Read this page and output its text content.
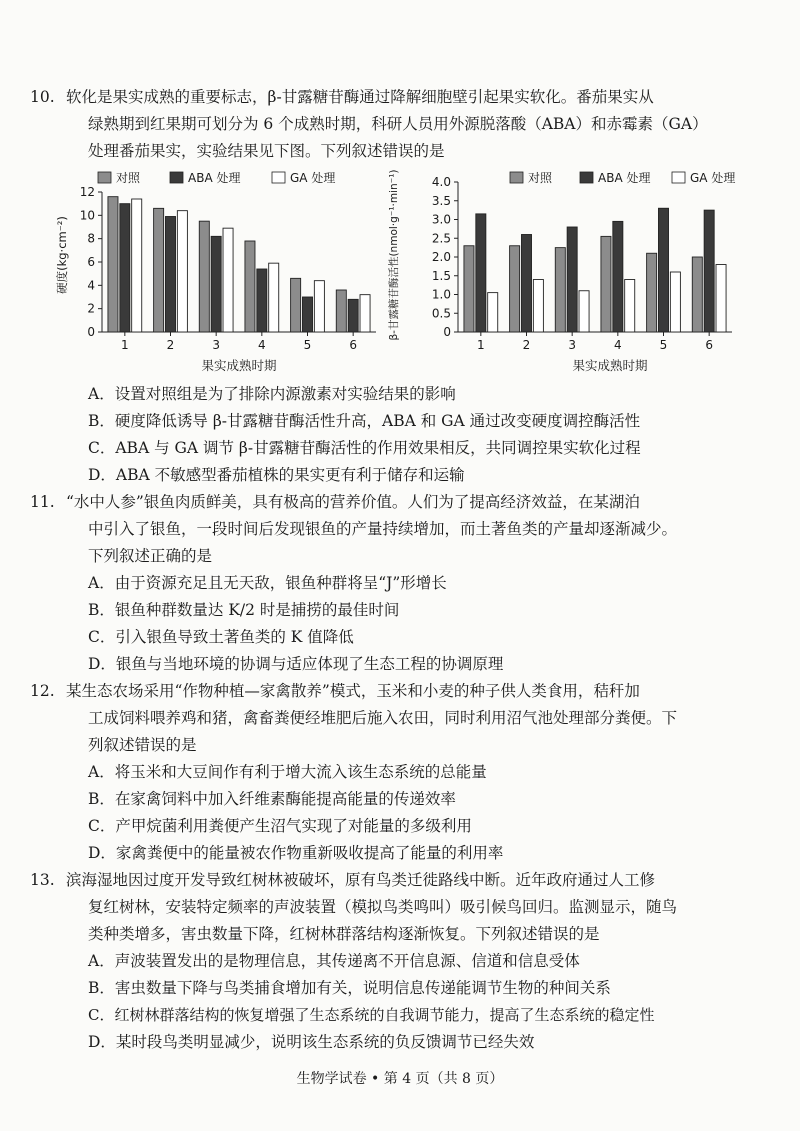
10. 软化是果实成熟的重要标志，β-甘露糖苷酶通过降解细胞壁引起果实软化。番茄果实从
绿熟期到红果期可划分为 6 个成熟时期，科研人员用外源脱落酸（ABA）和赤霉素（GA）
处理番茄果实，实验结果见下图。下列叙述错误的是
对照	ABA 处理	GA 处理
硬度(kg·cm⁻²)
果实成熟时期
0
2
4
6
8
10
12
1	2	3	4	5	6
对照	ABA 处理	GA 处理
β-甘露糖苷酶活性(nmol·g⁻¹·min⁻¹)
果实成熟时期
0
0.5
1.0
1.5
2.0
2.5
3.0
3.5
4.0
1	2	3	4	5	6
A．设置对照组是为了排除内源激素对实验结果的影响
B．硬度降低诱导 β-甘露糖苷酶活性升高，ABA 和 GA 通过改变硬度调控酶活性
C．ABA 与 GA 调节 β-甘露糖苷酶活性的作用效果相反，共同调控果实软化过程
D．ABA 不敏感型番茄植株的果实更有利于储存和运输
11. “水中人参”银鱼肉质鲜美，具有极高的营养价值。人们为了提高经济效益，在某湖泊
中引入了银鱼，一段时间后发现银鱼的产量持续增加，而土著鱼类的产量却逐渐减少。
下列叙述正确的是
A．由于资源充足且无天敌，银鱼种群将呈“J”形增长
B．银鱼种群数量达 K/2 时是捕捞的最佳时间
C．引入银鱼导致土著鱼类的 K 值降低
D．银鱼与当地环境的协调与适应体现了生态工程的协调原理
12. 某生态农场采用“作物种植—家禽散养”模式，玉米和小麦的种子供人类食用，秸秆加
工成饲料喂养鸡和猪，禽畜粪便经堆肥后施入农田，同时利用沼气池处理部分粪便。下
列叙述错误的是
A．将玉米和大豆间作有利于增大流入该生态系统的总能量
B．在家禽饲料中加入纤维素酶能提高能量的传递效率
C．产甲烷菌利用粪便产生沼气实现了对能量的多级利用
D．家禽粪便中的能量被农作物重新吸收提高了能量的利用率
13. 滨海湿地因过度开发导致红树林被破坏，原有鸟类迁徙路线中断。近年政府通过人工修
复红树林，安装特定频率的声波装置（模拟鸟类鸣叫）吸引候鸟回归。监测显示，随鸟
类种类增多，害虫数量下降，红树林群落结构逐渐恢复。下列叙述错误的是
A．声波装置发出的是物理信息，其传递离不开信息源、信道和信息受体
B．害虫数量下降与鸟类捕食增加有关，说明信息传递能调节生物的种间关系
C．红树林群落结构的恢复增强了生态系统的自我调节能力，提高了生态系统的稳定性
D．某时段鸟类明显减少，说明该生态系统的负反馈调节已经失效
生物学试卷 • 第 4 页（共 8 页）
